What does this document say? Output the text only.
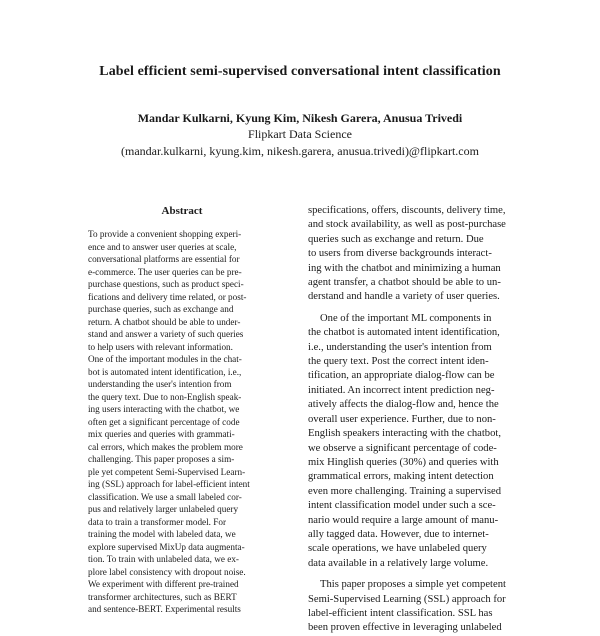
Label efficient semi-supervised conversational intent classification
Mandar Kulkarni, Kyung Kim, Nikesh Garera, Anusua Trivedi
Flipkart Data Science
(mandar.kulkarni, kyung.kim, nikesh.garera, anusua.trivedi)@flipkart.com
Abstract
To provide a convenient shopping experi-
ence and to answer user queries at scale,
conversational platforms are essential for
e-commerce. The user queries can be pre-
purchase questions, such as product speci-
fications and delivery time related, or post-
purchase queries, such as exchange and
return. A chatbot should be able to under-
stand and answer a variety of such queries
to help users with relevant information.
One of the important modules in the chat-
bot is automated intent identification, i.e.,
understanding the user's intention from
the query text. Due to non-English speak-
ing users interacting with the chatbot, we
often get a significant percentage of code
mix queries and queries with grammati-
cal errors, which makes the problem more
challenging. This paper proposes a sim-
ple yet competent Semi-Supervised Learn-
ing (SSL) approach for label-efficient intent
classification. We use a small labeled cor-
pus and relatively larger unlabeled query
data to train a transformer model. For
training the model with labeled data, we
explore supervised MixUp data augmenta-
tion. To train with unlabeled data, we ex-
plore label consistency with dropout noise.
We experiment with different pre-trained
transformer architectures, such as BERT
and sentence-BERT. Experimental results
specifications, offers, discounts, delivery time,
and stock availability, as well as post-purchase
queries such as exchange and return. Due
to users from diverse backgrounds interact-
ing with the chatbot and minimizing a human
agent transfer, a chatbot should be able to un-
derstand and handle a variety of user queries.
One of the important ML components in
the chatbot is automated intent identification,
i.e., understanding the user's intention from
the query text. Post the correct intent iden-
tification, an appropriate dialog-flow can be
initiated. An incorrect intent prediction neg-
atively affects the dialog-flow and, hence the
overall user experience. Further, due to non-
English speakers interacting with the chatbot,
we observe a significant percentage of code-
mix Hinglish queries (30%) and queries with
grammatical errors, making intent detection
even more challenging. Training a supervised
intent classification model under such a sce-
nario would require a large amount of manu-
ally tagged data. However, due to internet-
scale operations, we have unlabeled query
data available in a relatively large volume.
This paper proposes a simple yet competent
Semi-Supervised Learning (SSL) approach for
label-efficient intent classification. SSL has
been proven effective in leveraging unlabeled
